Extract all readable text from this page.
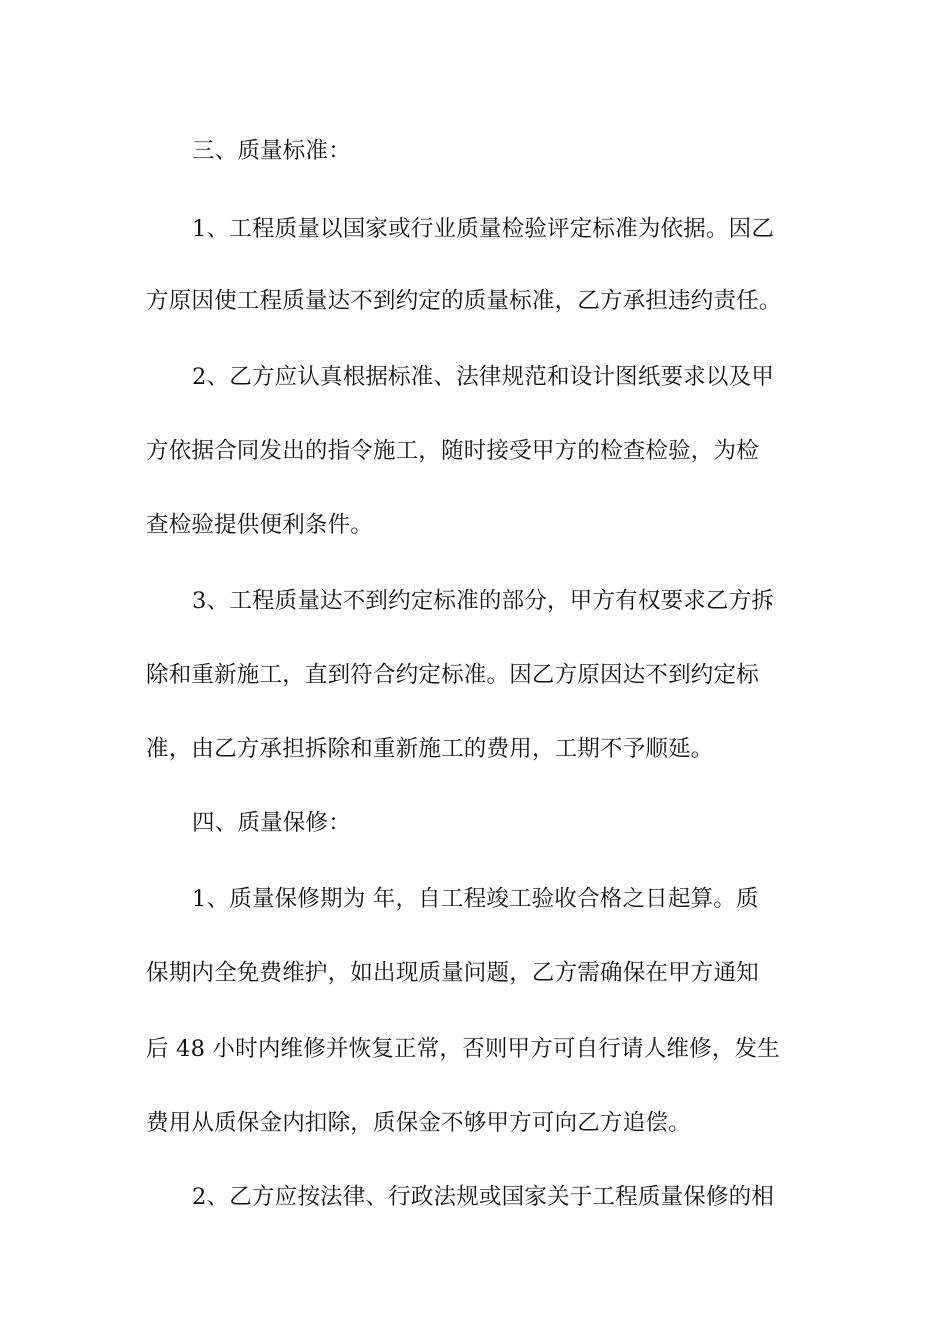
三、质量标准：
1、工程质量以国家或行业质量检验评定标准为依据。因乙
方原因使工程质量达不到约定的质量标准，乙方承担违约责任。
2、乙方应认真根据标准、法律规范和设计图纸要求以及甲
方依据合同发出的指令施工，随时接受甲方的检查检验，为检
查检验提供便利条件。
3、工程质量达不到约定标准的部分，甲方有权要求乙方拆
除和重新施工，直到符合约定标准。因乙方原因达不到约定标
准，由乙方承担拆除和重新施工的费用，工期不予顺延。
四、质量保修：
1、质量保修期为 年，自工程竣工验收合格之日起算。质
保期内全免费维护，如出现质量问题，乙方需确保在甲方通知
后 48 小时内维修并恢复正常，否则甲方可自行请人维修，发生
费用从质保金内扣除，质保金不够甲方可向乙方追偿。
2、乙方应按法律、行政法规或国家关于工程质量保修的相
